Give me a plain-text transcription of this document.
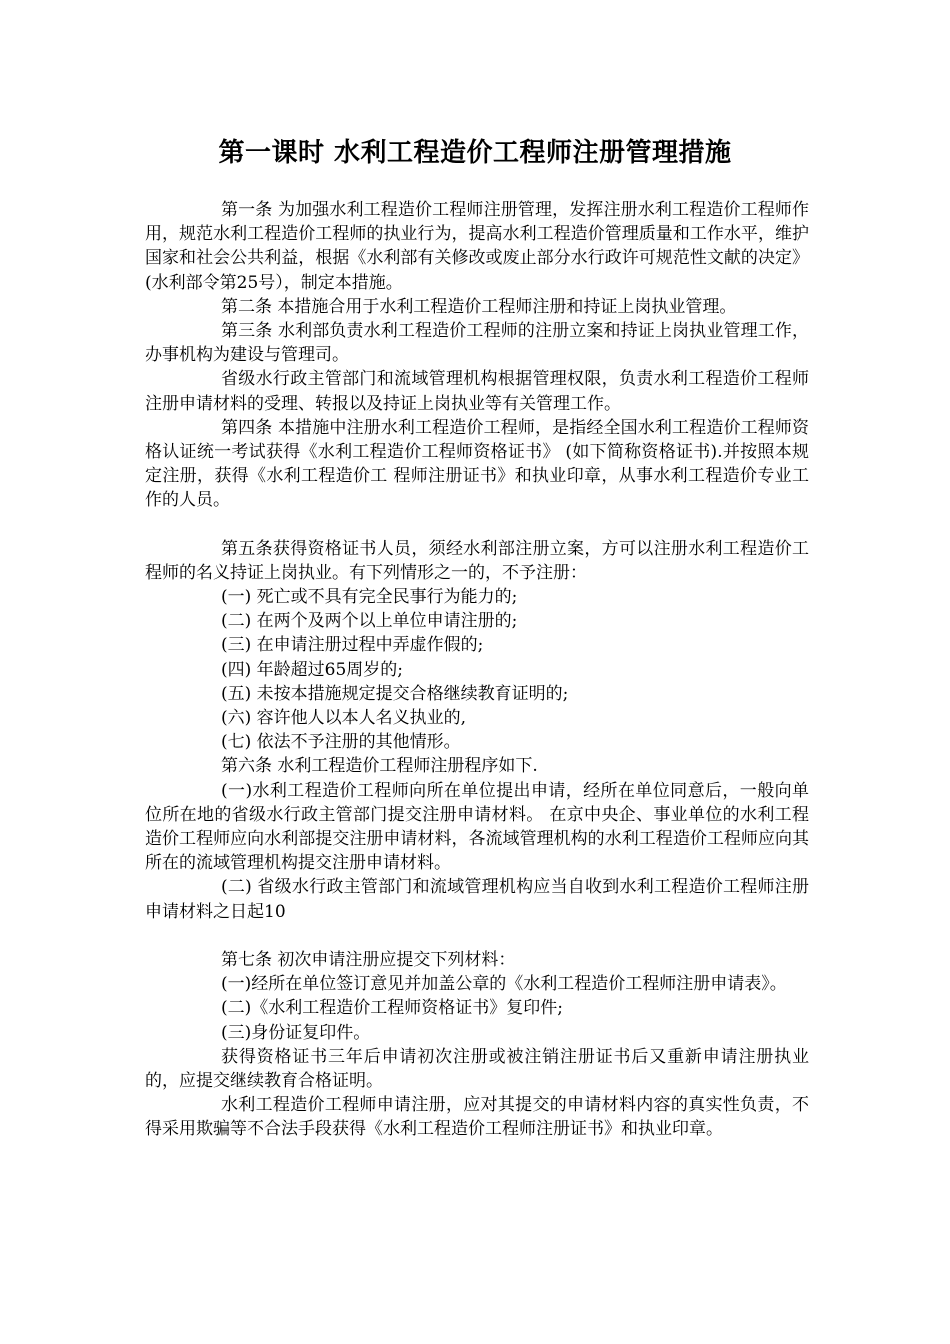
第一课时 水利工程造价工程师注册管理措施

第一条 为加强水利工程造价工程师注册管理，发挥注册水利工程造价工程师作用，规范水利工程造价工程师的执业行为，提高水利工程造价管理质量和工作水平，维护国家和社会公共利益，根据《水利部有关修改或废止部分水行政许可规范性文献的决定》(水利部令第25号），制定本措施。

第二条 本措施合用于水利工程造价工程师注册和持证上岗执业管理。

第三条 水利部负责水利工程造价工程师的注册立案和持证上岗执业管理工作，办事机构为建设与管理司。

省级水行政主管部门和流域管理机构根据管理权限，负责水利工程造价工程师注册申请材料的受理、转报以及持证上岗执业等有关管理工作。

第四条 本措施中注册水利工程造价工程师，是指经全国水利工程造价工程师资格认证统一考试获得《水利工程造价工程师资格证书》 (如下简称资格证书).并按照本规定注册，获得《水利工程造价工 程师注册证书》和执业印章，从事水利工程造价专业工作的人员。

第五条获得资格证书人员，须经水利部注册立案，方可以注册水利工程造价工程师的名义持证上岗执业。有下列情形之一的，不予注册：

(一) 死亡或不具有完全民事行为能力的;

(二) 在两个及两个以上单位申请注册的;

(三) 在申请注册过程中弄虚作假的;

(四) 年龄超过65周岁的;

(五) 未按本措施规定提交合格继续教育证明的;

(六) 容许他人以本人名义执业的,

(七) 依法不予注册的其他情形。

第六条 水利工程造价工程师注册程序如下.

(一)水利工程造价工程师向所在单位提出申请，经所在单位同意后，一般向单位所在地的省级水行政主管部门提交注册申请材料。 在京中央企、事业单位的水利工程造价工程师应向水利部提交注册申请材料，各流域管理机构的水利工程造价工程师应向其所在的流域管理机构提交注册申请材料。

(二) 省级水行政主管部门和流域管理机构应当自收到水利工程造价工程师注册申请材料之日起10

第七条 初次申请注册应提交下列材料：

(一)经所在单位签订意见并加盖公章的《水利工程造价工程师注册申请表》。

(二)《水利工程造价工程师资格证书》复印件;

(三)身份证复印件。

获得资格证书三年后申请初次注册或被注销注册证书后又重新申请注册执业的，应提交继续教育合格证明。

水利工程造价工程师申请注册，应对其提交的申请材料内容的真实性负责，不得采用欺骗等不合法手段获得《水利工程造价工程师注册证书》和执业印章。
